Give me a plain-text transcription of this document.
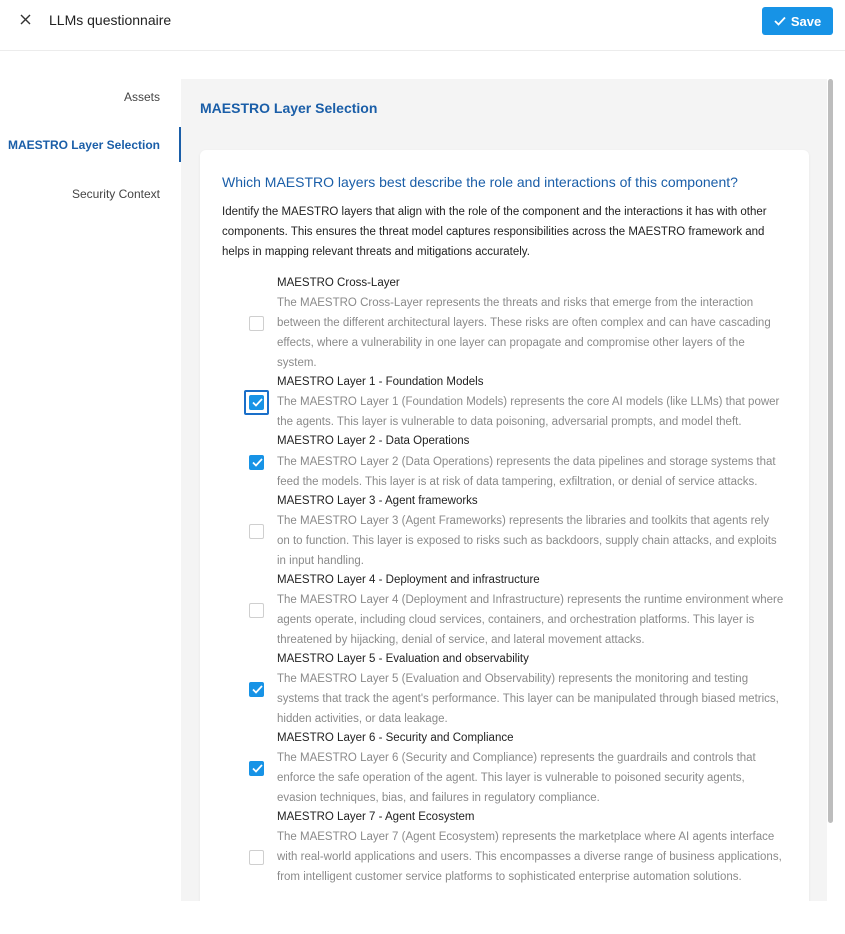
LLMs questionnaire	Save
Assets
MAESTRO Layer Selection
Security Context
MAESTRO Layer Selection
Which MAESTRO layers best describe the role and interactions of this component?
Identify the MAESTRO layers that align with the role of the component and the interactions it has with other components. This ensures the threat model captures responsibilities across the MAESTRO framework and helps in mapping relevant threats and mitigations accurately.
MAESTRO Cross-Layer
The MAESTRO Cross-Layer represents the threats and risks that emerge from the interaction between the different architectural layers. These risks are often complex and can have cascading effects, where a vulnerability in one layer can propagate and compromise other layers of the system.
MAESTRO Layer 1 - Foundation Models
The MAESTRO Layer 1 (Foundation Models) represents the core AI models (like LLMs) that power the agents. This layer is vulnerable to data poisoning, adversarial prompts, and model theft.
MAESTRO Layer 2 - Data Operations
The MAESTRO Layer 2 (Data Operations) represents the data pipelines and storage systems that feed the models. This layer is at risk of data tampering, exfiltration, or denial of service attacks.
MAESTRO Layer 3 - Agent frameworks
The MAESTRO Layer 3 (Agent Frameworks) represents the libraries and toolkits that agents rely on to function. This layer is exposed to risks such as backdoors, supply chain attacks, and exploits in input handling.
MAESTRO Layer 4 - Deployment and infrastructure
The MAESTRO Layer 4 (Deployment and Infrastructure) represents the runtime environment where agents operate, including cloud services, containers, and orchestration platforms. This layer is threatened by hijacking, denial of service, and lateral movement attacks.
MAESTRO Layer 5 - Evaluation and observability
The MAESTRO Layer 5 (Evaluation and Observability) represents the monitoring and testing systems that track the agent's performance. This layer can be manipulated through biased metrics, hidden activities, or data leakage.
MAESTRO Layer 6 - Security and Compliance
The MAESTRO Layer 6 (Security and Compliance) represents the guardrails and controls that enforce the safe operation of the agent. This layer is vulnerable to poisoned security agents, evasion techniques, bias, and failures in regulatory compliance.
MAESTRO Layer 7 - Agent Ecosystem
The MAESTRO Layer 7 (Agent Ecosystem) represents the marketplace where AI agents interface with real-world applications and users. This encompasses a diverse range of business applications, from intelligent customer service platforms to sophisticated enterprise automation solutions.
